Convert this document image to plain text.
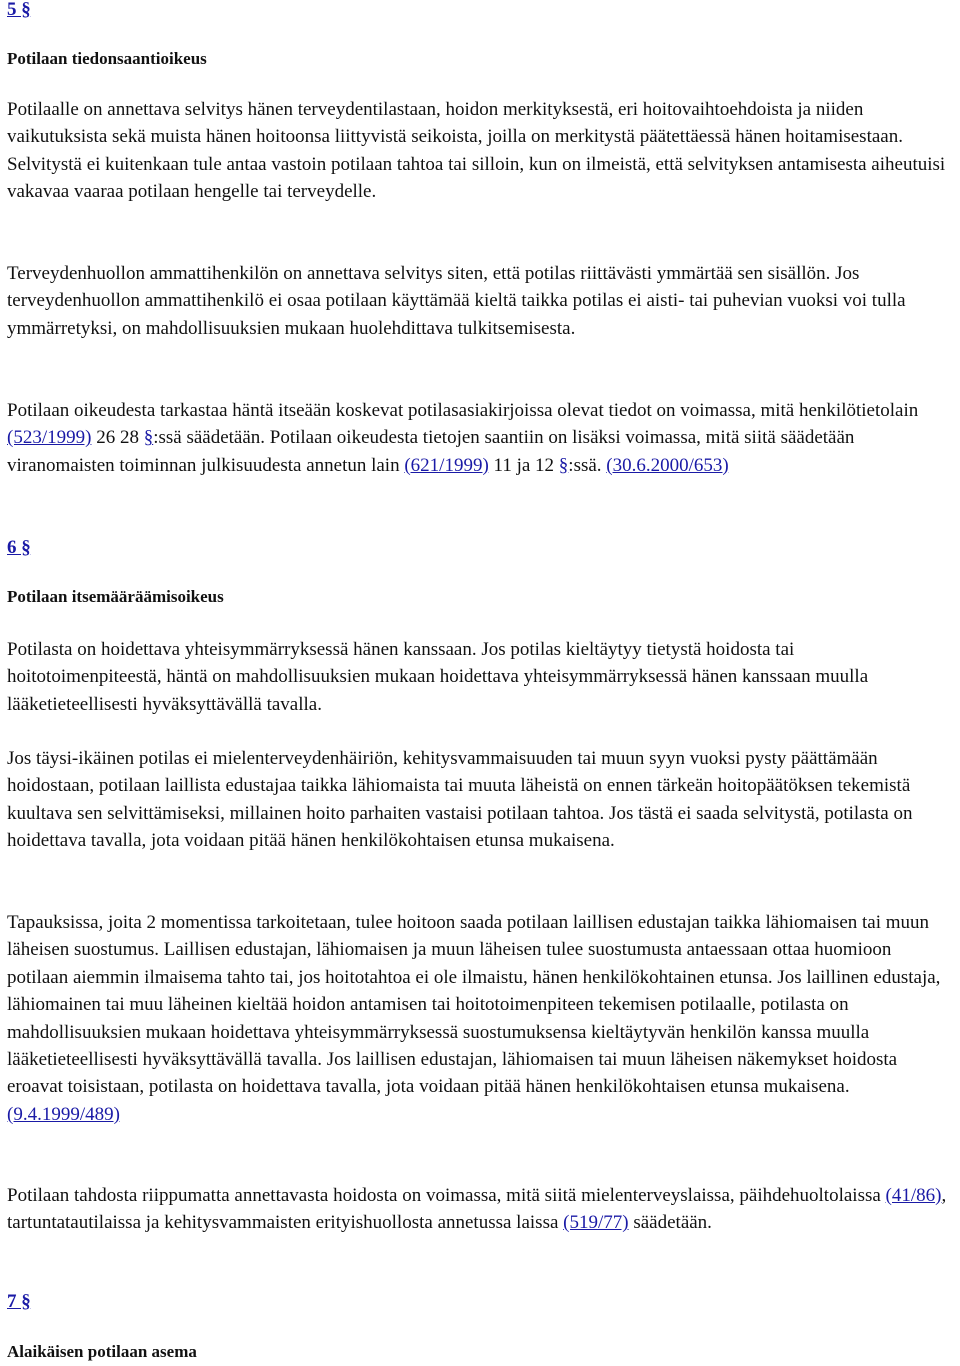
5 §
Potilaan tiedonsaantioikeus

Potilaalle on annettava selvitys hänen terveydentilastaan, hoidon merkityksestä, eri hoitovaihtoehdoista ja niiden vaikutuksista sekä muista hänen hoitoonsa liittyvistä seikoista, joilla on merkitystä päätettäessä hänen hoitamisestaan. Selvitystä ei kuitenkaan tule antaa vastoin potilaan tahtoa tai silloin, kun on ilmeistä, että selvityksen antamisesta aiheutuisi vakavaa vaaraa potilaan hengelle tai terveydelle.

Terveydenhuollon ammattihenkilön on annettava selvitys siten, että potilas riittävästi ymmärtää sen sisällön. Jos terveydenhuollon ammattihenkilö ei osaa potilaan käyttämää kieltä taikka potilas ei aisti- tai puhevian vuoksi voi tulla ymmärretyksi, on mahdollisuuksien mukaan huolehdittava tulkitsemisesta.

Potilaan oikeudesta tarkastaa häntä itseään koskevat potilasasiakirjoissa olevat tiedot on voimassa, mitä henkilötietolain (523/1999) 26 28 §:ssä säädetään. Potilaan oikeudesta tietojen saantiin on lisäksi voimassa, mitä siitä säädetään viranomaisten toiminnan julkisuudesta annetun lain (621/1999) 11 ja 12 §:ssä. (30.6.2000/653)

6 §
Potilaan itsemääräämisoikeus

Potilasta on hoidettava yhteisymmärryksessä hänen kanssaan. Jos potilas kieltäytyy tietystä hoidosta tai hoitotoimenpiteestä, häntä on mahdollisuuksien mukaan hoidettava yhteisymmärryksessä hänen kanssaan muulla lääketieteellisesti hyväksyttävällä tavalla.

Jos täysi-ikäinen potilas ei mielenterveydenhäiriön, kehitysvammaisuuden tai muun syyn vuoksi pysty päättämään hoidostaan, potilaan laillista edustajaa taikka lähiomaista tai muuta läheistä on ennen tärkeän hoitopäätöksen tekemistä kuultava sen selvittämiseksi, millainen hoito parhaiten vastaisi potilaan tahtoa. Jos tästä ei saada selvitystä, potilasta on hoidettava tavalla, jota voidaan pitää hänen henkilökohtaisen etunsa mukaisena.

Tapauksissa, joita 2 momentissa tarkoitetaan, tulee hoitoon saada potilaan laillisen edustajan taikka lähiomaisen tai muun läheisen suostumus. Laillisen edustajan, lähiomaisen ja muun läheisen tulee suostumusta antaessaan ottaa huomioon potilaan aiemmin ilmaisema tahto tai, jos hoitotahtoa ei ole ilmaistu, hänen henkilökohtainen etunsa. Jos laillinen edustaja, lähiomainen tai muu läheinen kieltää hoidon antamisen tai hoitotoimenpiteen tekemisen potilaalle, potilasta on mahdollisuuksien mukaan hoidettava yhteisymmärryksessä suostumuksensa kieltäytyvän henkilön kanssa muulla lääketieteellisesti hyväksyttävällä tavalla. Jos laillisen edustajan, lähiomaisen tai muun läheisen näkemykset hoidosta eroavat toisistaan, potilasta on hoidettava tavalla, jota voidaan pitää hänen henkilökohtaisen etunsa mukaisena. (9.4.1999/489)

Potilaan tahdosta riippumatta annettavasta hoidosta on voimassa, mitä siitä mielenterveyslaissa, päihdehuoltolaissa (41/86), tartuntatautilaissa ja kehitysvammaisten erityishuollosta annetussa laissa (519/77) säädetään.

7 §
Alaikäisen potilaan asema
